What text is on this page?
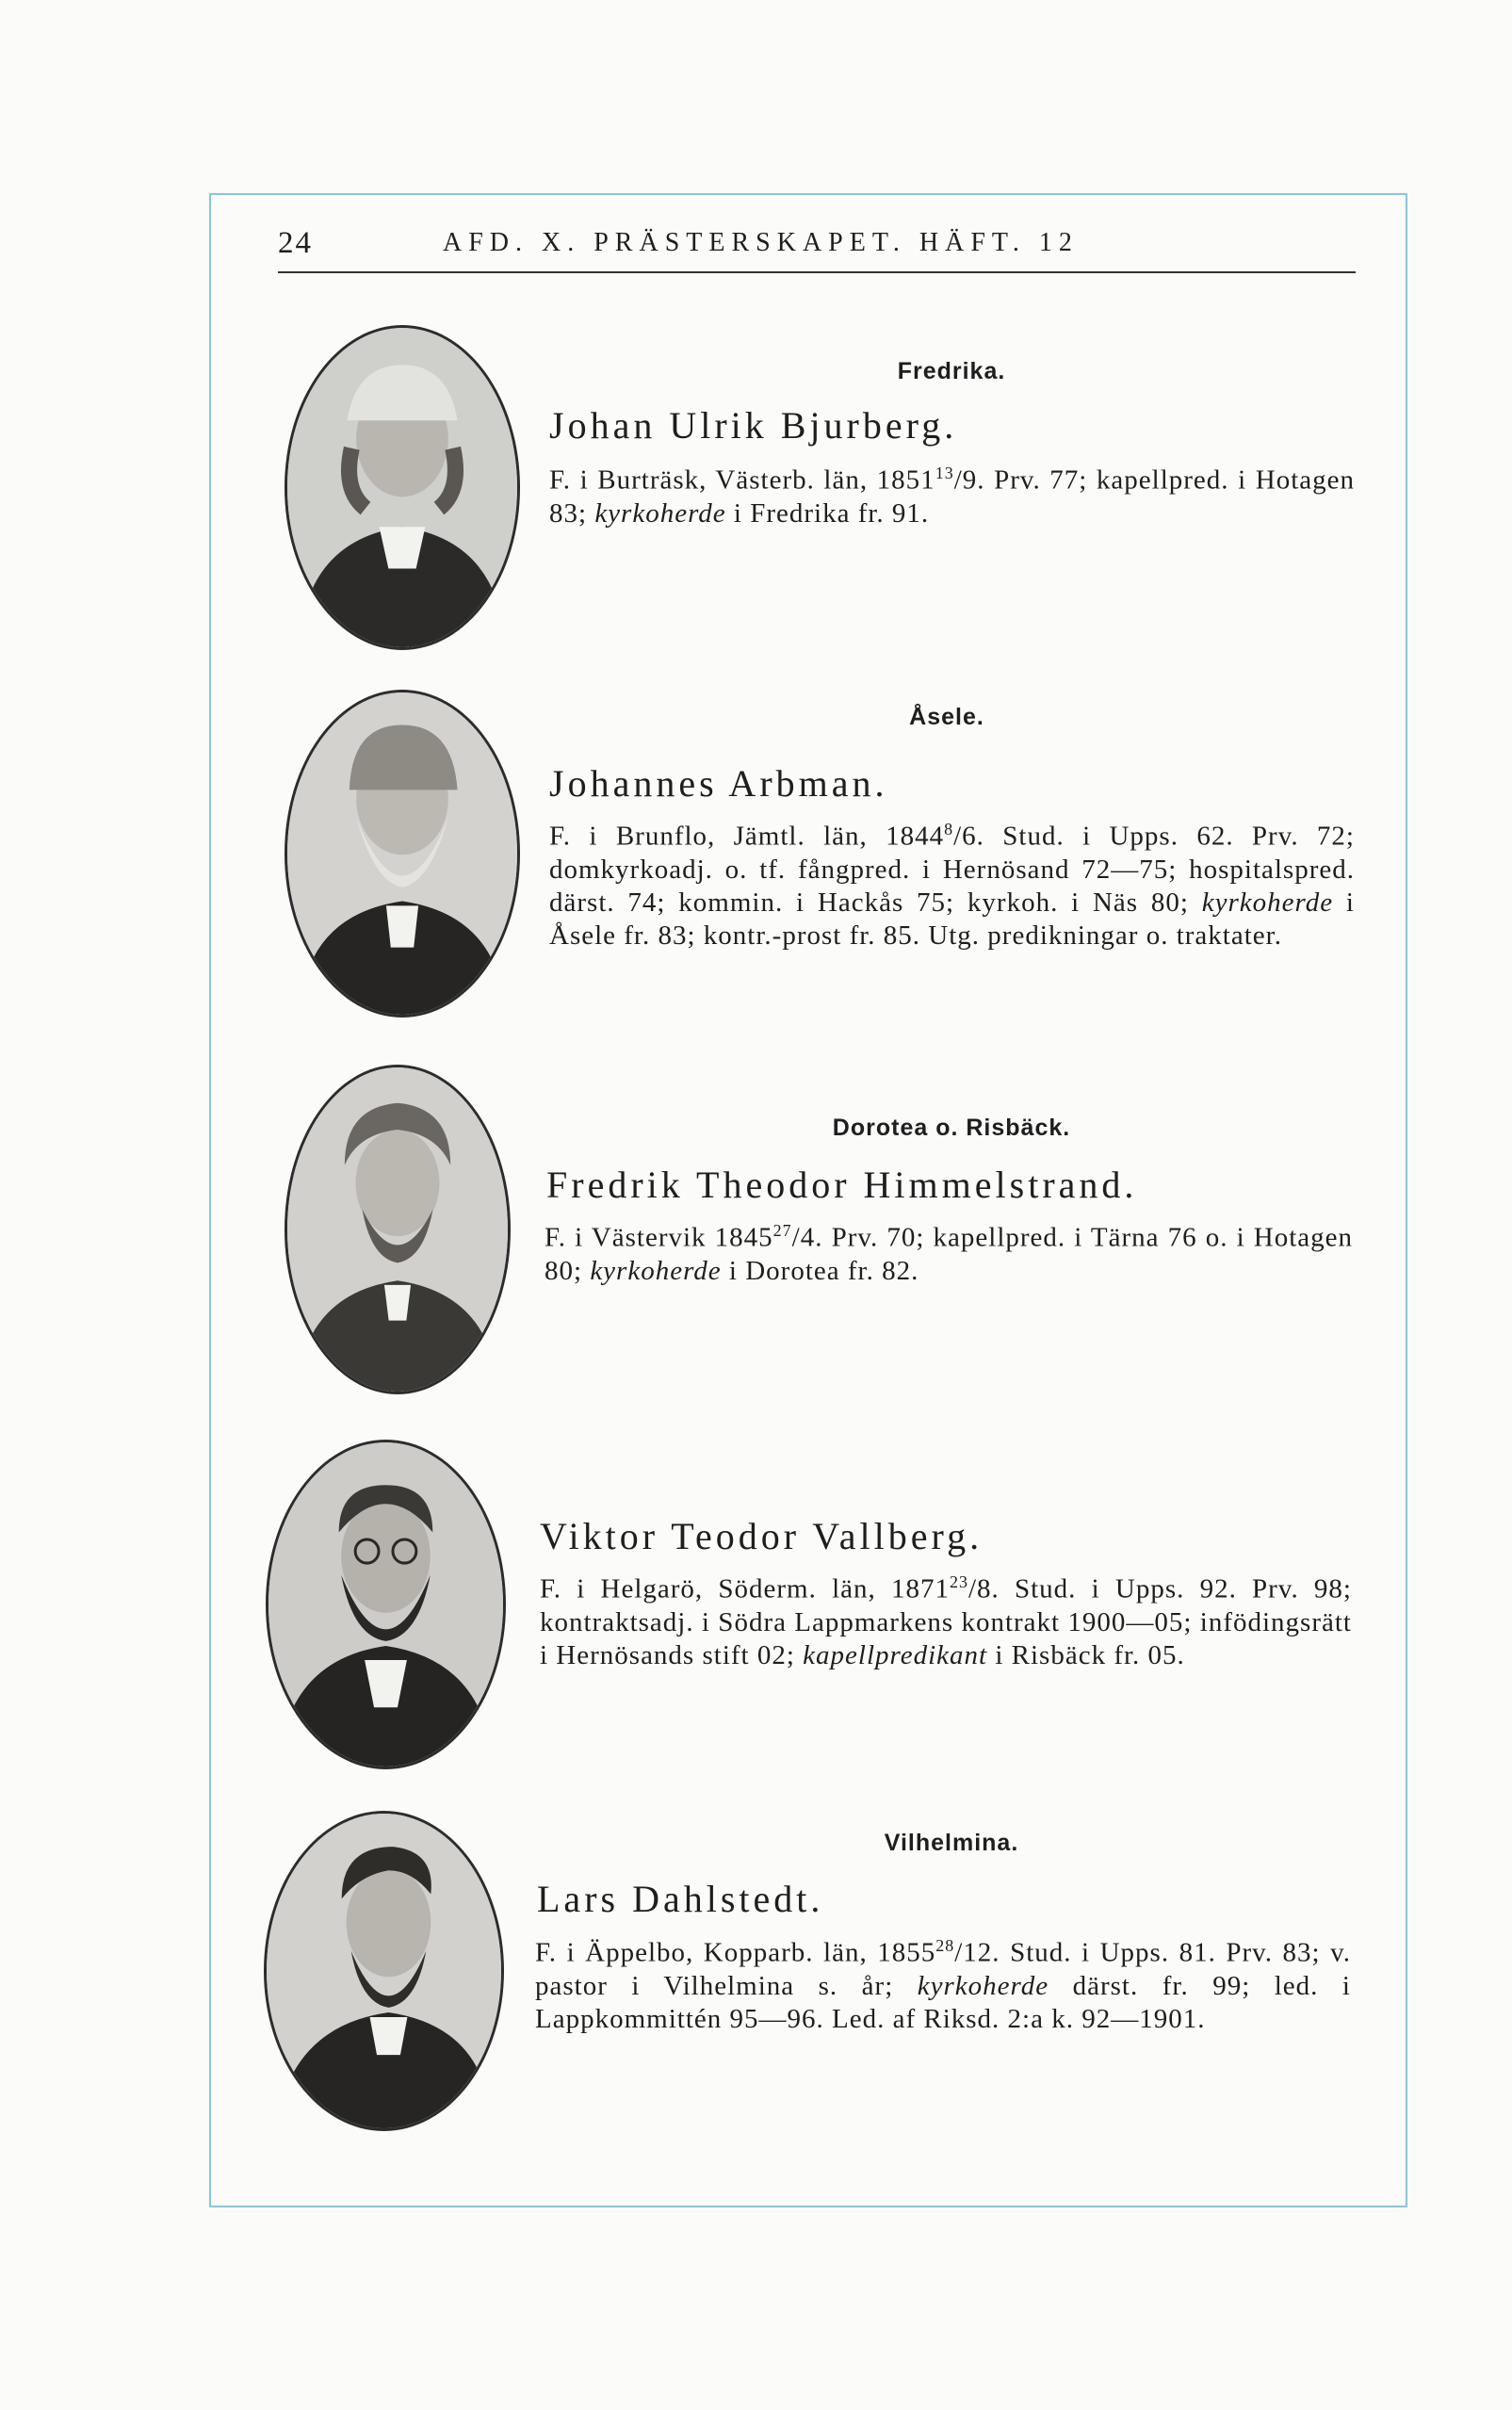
24	AFD. X. PRÄSTERSKAPET. HÄFT. 12
Fredrika.
Johan Ulrik Bjurberg.
F. i Burträsk, Västerb. län, 1851$^{13}$/9. Prv. 77; kapellpred. i Hotagen 83; kyrkoherde i Fredrika fr. 91.
Åsele.
Johannes Arbman.
F. i Brunflo, Jämtl. län, 1844$^8$/6. Stud. i Upps. 62. Prv. 72; domkyrkoadj. o. tf. fångpred. i Hernösand 72—75; hospitalspred. därst. 74; kommin. i Hackås 75; kyrkoh. i Näs 80; kyrkoherde i Åsele fr. 83; kontr.-prost fr. 85. Utg. predikningar o. traktater.
Dorotea o. Risbäck.
Fredrik Theodor Himmelstrand.
F. i Västervik 1845$^{27}$/4. Prv. 70; kapellpred. i Tärna 76 o. i Hotagen 80; kyrkoherde i Dorotea fr. 82.
Viktor Teodor Vallberg.
F. i Helgarö, Söderm. län, 1871$^{23}$/8. Stud. i Upps. 92. Prv. 98; kontraktsadj. i Södra Lappmarkens kontrakt 1900—05; infödingsrätt i Hernösands stift 02; kapellpredikant i Risbäck fr. 05.
Vilhelmina.
Lars Dahlstedt.
F. i Äppelbo, Kopparb. län, 1855$^{28}$/12. Stud. i Upps. 81. Prv. 83; v. pastor i Vilhelmina s. år; kyrkoherde därst. fr. 99; led. i Lappkommittén 95—96. Led. af Riksd. 2:a k. 92—1901.
